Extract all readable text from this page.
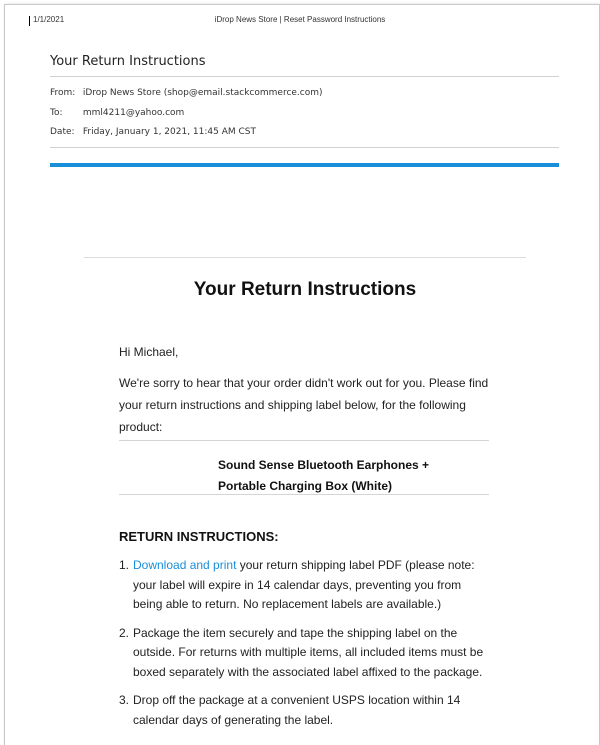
1/1/2021	iDrop News Store | Reset Password Instructions
Your Return Instructions
From: iDrop News Store (shop@email.stackcommerce.com)
To: mml4211@yahoo.com
Date: Friday, January 1, 2021, 11:45 AM CST
Your Return Instructions
Hi Michael,
We're sorry to hear that your order didn't work out for you. Please find your return instructions and shipping label below, for the following product:
Sound Sense Bluetooth Earphones + Portable Charging Box (White)
RETURN INSTRUCTIONS:
1. Download and print your return shipping label PDF (please note: your label will expire in 14 calendar days, preventing you from being able to return. No replacement labels are available.)
2. Package the item securely and tape the shipping label on the outside. For returns with multiple items, all included items must be boxed separately with the associated label affixed to the package.
3. Drop off the package at a convenient USPS location within 14 calendar days of generating the label.
